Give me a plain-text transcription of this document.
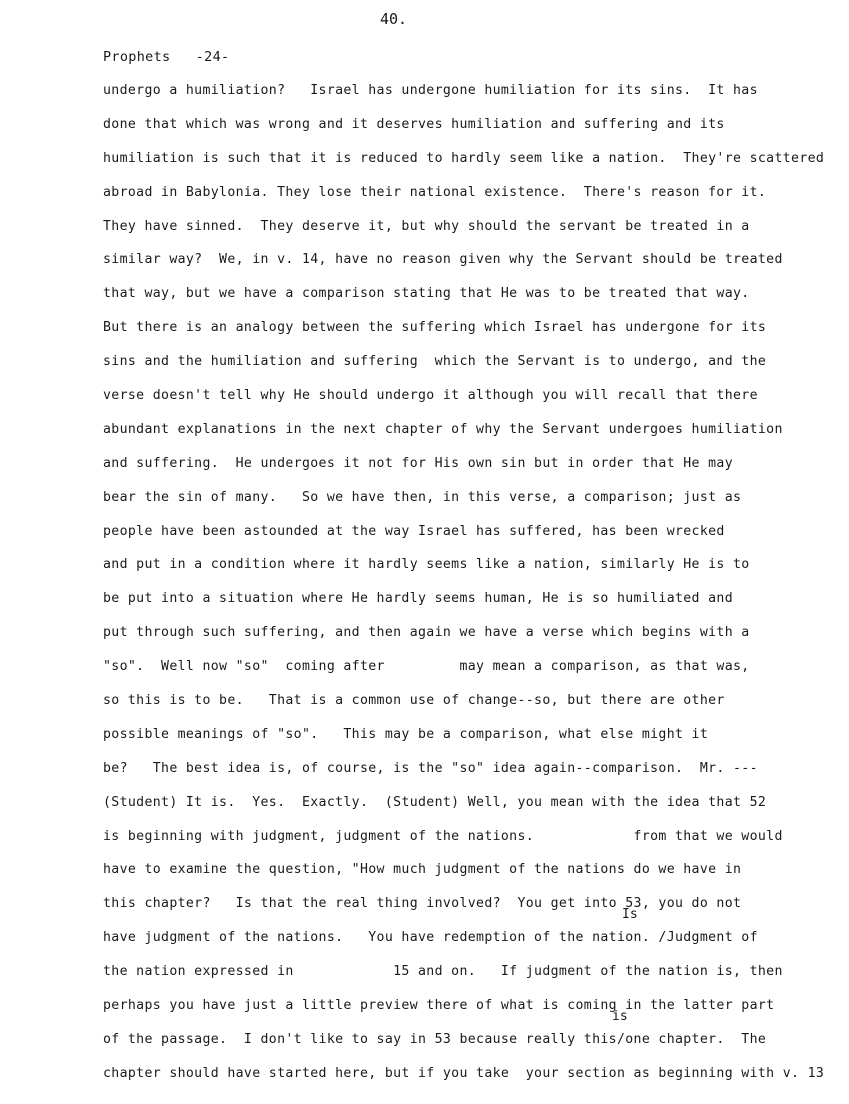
40.
Prophets -24-
Is
is
undergo a humiliation?   Israel has undergone humiliation for its sins.  It has
done that which was wrong and it deserves humiliation and suffering and its
humiliation is such that it is reduced to hardly seem like a nation.  They're scattered
abroad in Babylonia. They lose their national existence.  There's reason for it.
They have sinned.  They deserve it, but why should the servant be treated in a
similar way?  We, in v. 14, have no reason given why the Servant should be treated
that way, but we have a comparison stating that He was to be treated that way.
But there is an analogy between the suffering which Israel has undergone for its
sins and the humiliation and suffering  which the Servant is to undergo, and the
verse doesn't tell why He should undergo it although you will recall that there
abundant explanations in the next chapter of why the Servant undergoes humiliation
and suffering.  He undergoes it not for His own sin but in order that He may
bear the sin of many.   So we have then, in this verse, a comparison; just as
people have been astounded at the way Israel has suffered, has been wrecked
and put in a condition where it hardly seems like a nation, similarly He is to
be put into a situation where He hardly seems human, He is so humiliated and
put through such suffering, and then again we have a verse which begins with a
"so".  Well now "so"  coming after         may mean a comparison, as that was,
so this is to be.   That is a common use of change--so, but there are other
possible meanings of "so".   This may be a comparison, what else might it
be?   The best idea is, of course, is the "so" idea again--comparison.  Mr. ---
(Student) It is.  Yes.  Exactly.  (Student) Well, you mean with the idea that 52
is beginning with judgment, judgment of the nations.            from that we would
have to examine the question, "How much judgment of the nations do we have in
this chapter?   Is that the real thing involved?  You get into 53, you do not
have judgment of the nations.   You have redemption of the nation. /Judgment of
the nation expressed in            15 and on.   If judgment of the nation is, then
perhaps you have just a little preview there of what is coming in the latter part
of the passage.  I don't like to say in 53 because really this/one chapter.  The
chapter should have started here, but if you take  your section as beginning with v. 13
